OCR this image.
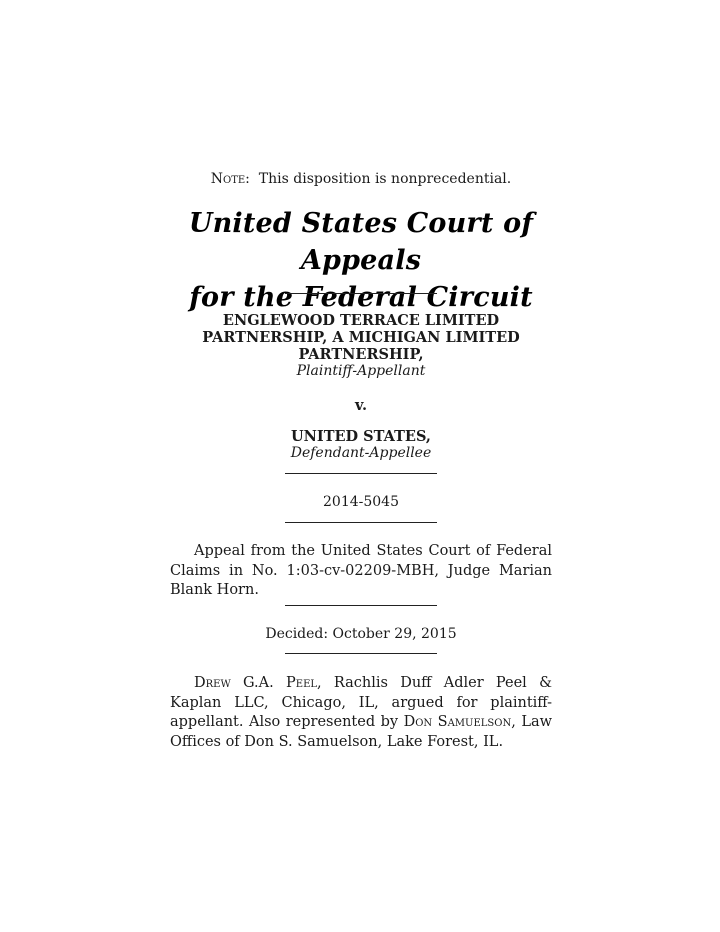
Note: This disposition is nonprecedential.
United States Court of Appeals
for the Federal Circuit
ENGLEWOOD TERRACE LIMITED
PARTNERSHIP, A MICHIGAN LIMITED
PARTNERSHIP,
Plaintiff-Appellant
v.
UNITED STATES,
Defendant-Appellee
2014-5045
Appeal from the United States Court of Federal Claims in No. 1:03-cv-02209-MBH, Judge Marian Blank Horn.
Decided: October 29, 2015
Drew G.A. Peel, Rachlis Duff Adler Peel & Kaplan LLC, Chicago, IL, argued for plaintiff-appellant. Also represented by Don Samuelson, Law Offices of Don S. Samuelson, Lake Forest, IL.
